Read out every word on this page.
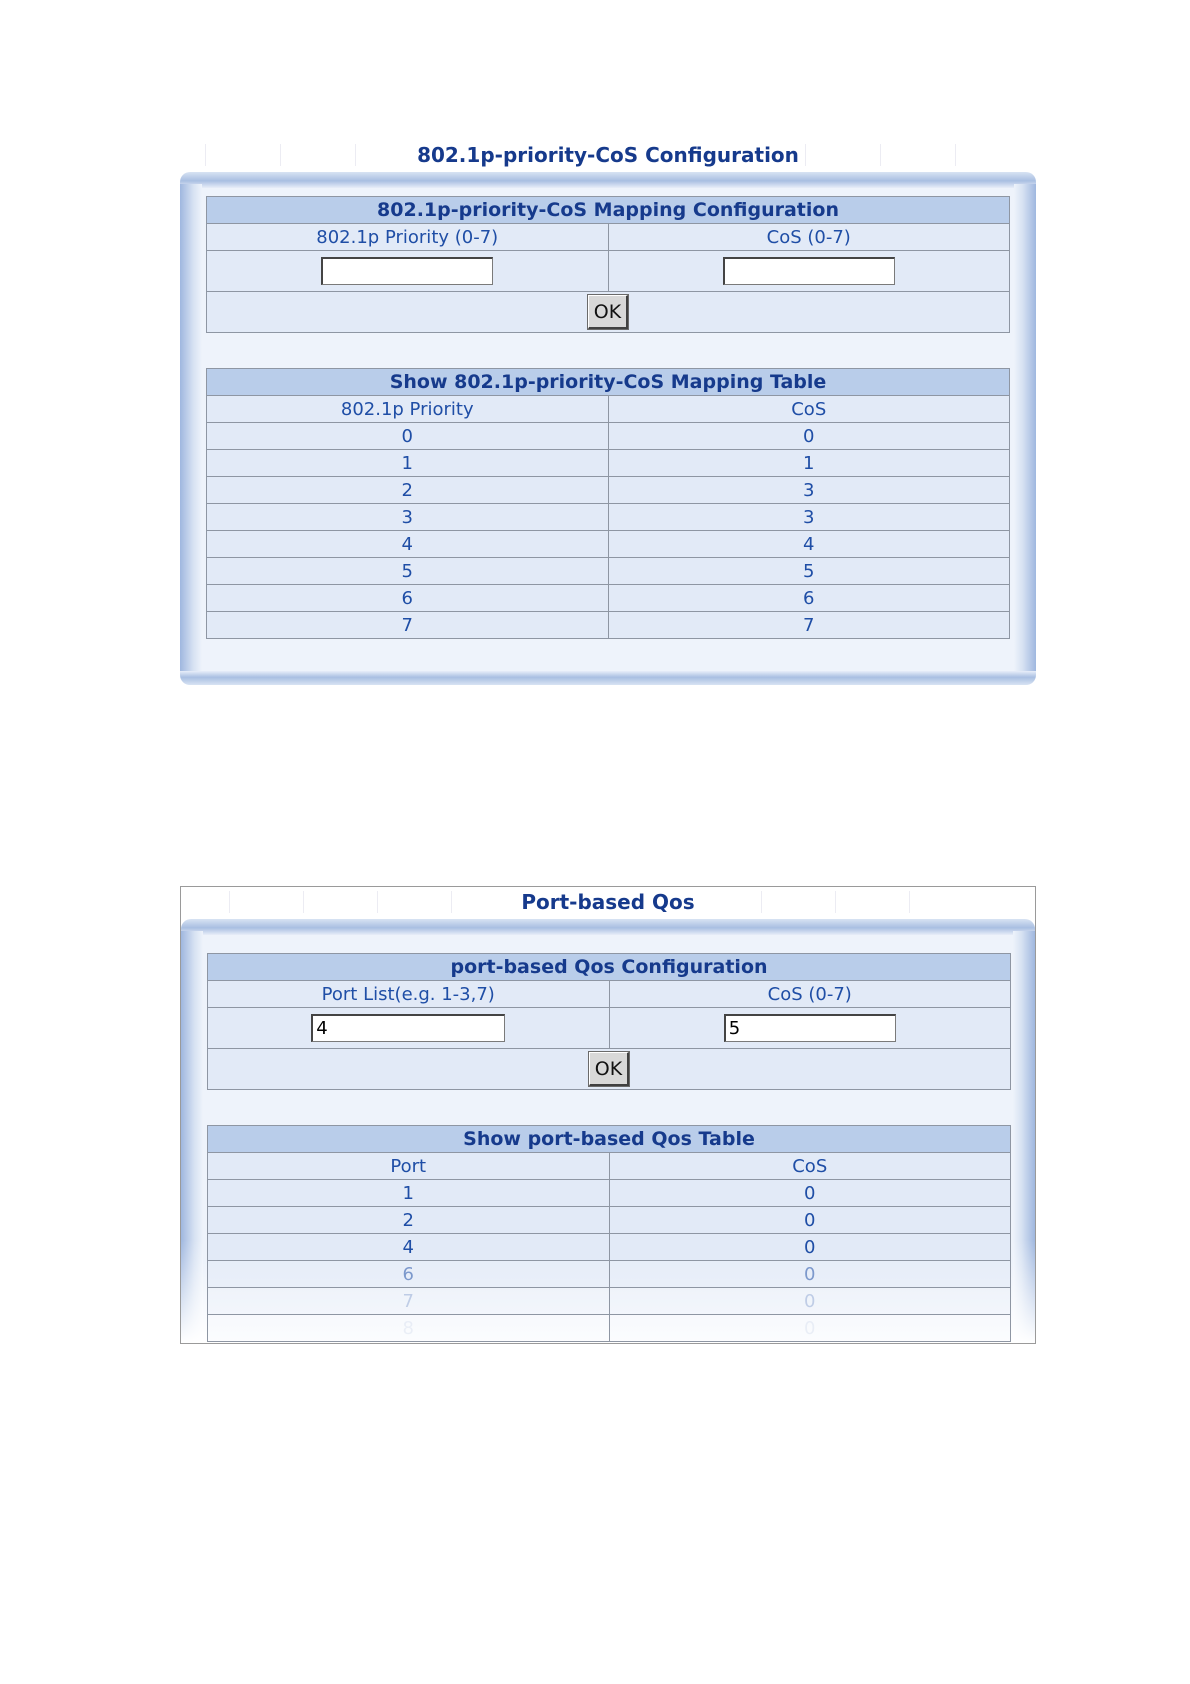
802.1p-priority-CoS Configuration
802.1p-priority-CoS Mapping Configuration	
802.1p Priority (0-7)	CoS (0-7)

OK	
Show 802.1p-priority-CoS Mapping Table	
802.1p Priority	CoS
0	0
1	1
2	3
3	3
4	4
5	5
6	6
7	7
Port-based Qos
port-based Qos Configuration	
Port List(e.g. 1-3,7)	CoS (0-7)
4	5
OK	
Show port-based Qos Table	
Port	CoS
1	0
2	0
4	0
6	0
7	0
8	0
